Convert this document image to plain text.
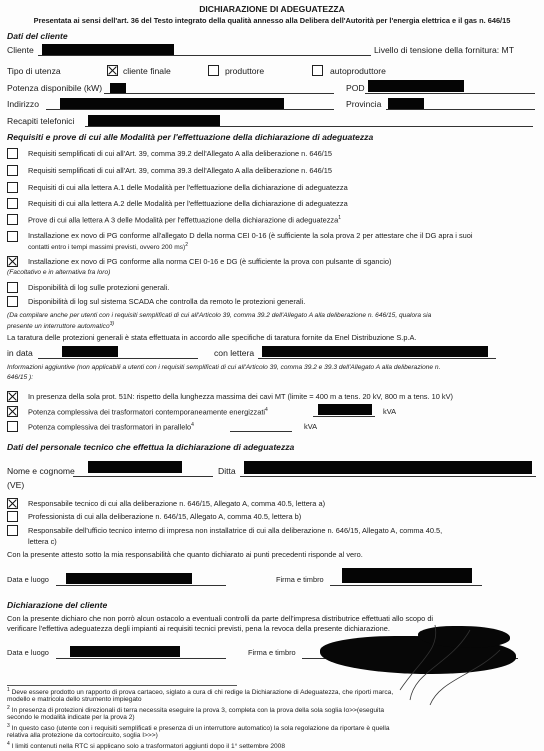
DICHIARAZIONE DI ADEGUATEZZA
Presentata ai sensi dell'art. 36 del Testo integrato della qualità annesso alla Delibera dell'Autorità per l'energia elettrica e il gas n. 646/15
Dati del cliente
Cliente	Livello di tensione della fornitura: MT
Tipo di utenza	cliente finale	produttore	autoproduttore
Potenza disponibile (kW)	POD
Indirizzo	Provincia
Recapiti telefonici
Requisiti e prove di cui alle Modalità per l'effettuazione della dichiarazione di adeguatezza
Requisiti semplificati di cui all'Art. 39, comma 39.2 dell'Allegato A alla deliberazione n. 646/15
Requisiti semplificati di cui all'Art. 39, comma 39.3 dell'Allegato A alla deliberazione n. 646/15
Requisiti di cui alla lettera A.1 delle Modalità per l'effettuazione della dichiarazione di adeguatezza
Requisiti di cui alla lettera A.2 delle Modalità per l'effettuazione della dichiarazione di adeguatezza
Prove di cui alla lettera A 3 delle Modalità per l'effettuazione della dichiarazione di adeguatezza$^1$
Installazione ex novo di PG conforme all'allegato D della norma CEI 0-16 (è sufficiente la sola prova 2 per attestare che il DG apra i suoi
contatti entro i tempi massimi previsti, ovvero 200 ms)$^2$
Installazione ex novo di PG conforme alla norma CEI 0-16 e DG (è sufficiente la prova con pulsante di sgancio)
(Facoltativo e in alternativa fra loro)
Disponibilità di log sulle protezioni generali.
Disponibilità di log sul sistema SCADA che controlla da remoto le protezioni generali.
(Da compilare anche per utenti con i requisiti semplificati di cui all'Articolo 39, comma 39.2 dell'Allegato A alla deliberazione n. 646/15, qualora sia
presente un interruttore automatico$^{3)}$
La taratura delle protezioni generali è stata effettuata in accordo alle specifiche di taratura fornite da Enel Distribuzione S.p.A.
in data	con lettera
Informazioni aggiuntive (non applicabili a utenti con i requisiti semplificati di cui all'Articolo 39, comma 39.2 e 39.3 dell'Allegato A alla deliberazione n.
646/15 ):
In presenza della sola prot. 51N: rispetto della lunghezza massima dei cavi MT (limite = 400 m a tens. 20 kV, 800 m a tens. 10 kV)
Potenza complessiva dei trasformatori contemporaneamente energizzati$^4$	kVA
Potenza complessiva dei trasformatori in parallelo$^4$	kVA
Dati del personale tecnico che effettua la dichiarazione di adeguatezza
Nome e cognome	Ditta
(VE)
Responsabile tecnico di cui alla deliberazione n. 646/15, Allegato A, comma 40.5, lettera a)
Professionista di cui alla deliberazione n. 646/15, Allegato A, comma 40.5, lettera b)
Responsabile dell'ufficio tecnico interno di impresa non installatrice di cui alla deliberazione n. 646/15, Allegato A, comma 40.5,
lettera c)
Con la presente attesto sotto la mia responsabilità che quanto dichiarato ai punti precedenti risponde al vero.
Data e luogo	Firma e timbro
Dichiarazione del cliente
Con la presente dichiaro che non porrò alcun ostacolo a eventuali controlli da parte dell'impresa distributrice effettuati allo scopo di
verificare l'effettiva adeguatezza degli impianti ai requisiti tecnici previsti, pena la revoca della presente dichiarazione.
Data e luogo	Firma e timbro
$^1$ Deve essere prodotto un rapporto di prova cartaceo, siglato a cura di chi redige la Dichiarazione di Adeguatezza, che riporti marca,
modello e matricola dello strumento impiegato
$^2$ In presenza di protezioni direzionali di terra necessita eseguire la prova 3, completa con la prova della sola soglia Io>>(eseguita
secondo le modalità indicate per la prova 2)
$^3$ In questo caso (utente con i requisiti semplificati e presenza di un interruttore automatico) la sola regolazione da riportare è quella
relativa alla protezione da cortocircuito, soglia I>>>)
$^4$ I limiti contenuti nella RTC si applicano solo a trasformatori aggiunti dopo il 1° settembre 2008
